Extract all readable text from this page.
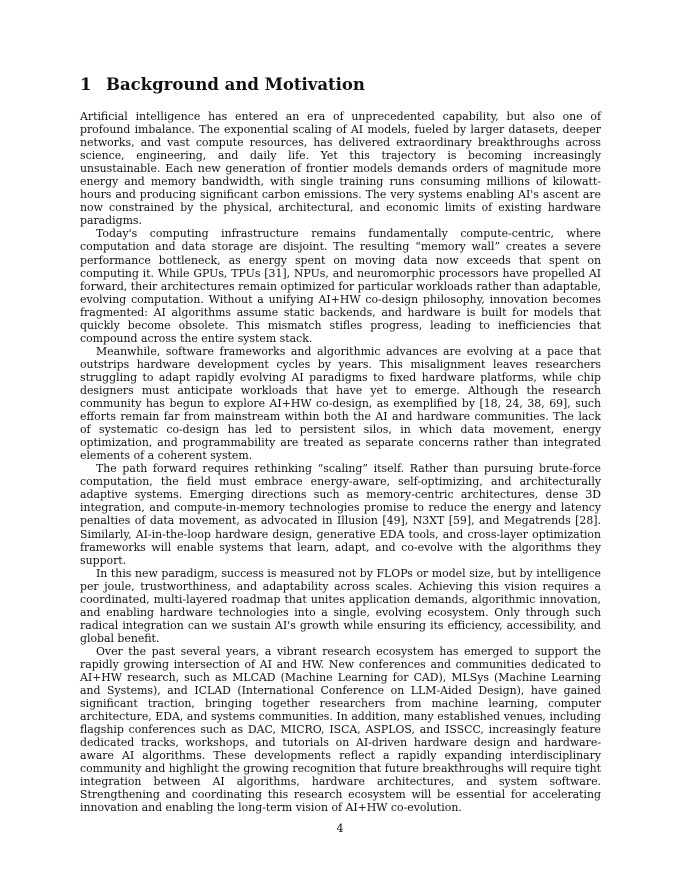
1 Background and Motivation

Artificial intelligence has entered an era of unprecedented capability, but also one of profound imbalance. The exponential scaling of AI models, fueled by larger datasets, deeper networks, and vast compute resources, has delivered extraordinary breakthroughs across science, engineering, and daily life. Yet this trajectory is becoming increasingly unsustainable. Each new generation of frontier models demands orders of magnitude more energy and memory bandwidth, with single training runs consuming millions of kilowatt-hours and producing significant carbon emissions. The very systems enabling AI's ascent are now constrained by the physical, architectural, and economic limits of existing hardware paradigms.

Today's computing infrastructure remains fundamentally compute-centric, where computation and data storage are disjoint. The resulting “memory wall” creates a severe performance bottleneck, as energy spent on moving data now exceeds that spent on computing it. While GPUs, TPUs [31], NPUs, and neuromorphic processors have propelled AI forward, their architectures remain optimized for particular workloads rather than adaptable, evolving computation. Without a unifying AI+HW co-design philosophy, innovation becomes fragmented: AI algorithms assume static backends, and hardware is built for models that quickly become obsolete. This mismatch stifles progress, leading to inefficiencies that compound across the entire system stack.

Meanwhile, software frameworks and algorithmic advances are evolving at a pace that outstrips hardware development cycles by years. This misalignment leaves researchers struggling to adapt rapidly evolving AI paradigms to fixed hardware platforms, while chip designers must anticipate workloads that have yet to emerge. Although the research community has begun to explore AI+HW co-design, as exemplified by [18, 24, 38, 69], such efforts remain far from mainstream within both the AI and hardware communities. The lack of systematic co-design has led to persistent silos, in which data movement, energy optimization, and programmability are treated as separate concerns rather than integrated elements of a coherent system.

The path forward requires rethinking “scaling” itself. Rather than pursuing brute-force computation, the field must embrace energy-aware, self-optimizing, and architecturally adaptive systems. Emerging directions such as memory-centric architectures, dense 3D integration, and compute-in-memory technologies promise to reduce the energy and latency penalties of data movement, as advocated in Illusion [49], N3XT [59], and Megatrends [28]. Similarly, AI-in-the-loop hardware design, generative EDA tools, and cross-layer optimization frameworks will enable systems that learn, adapt, and co-evolve with the algorithms they support.

In this new paradigm, success is measured not by FLOPs or model size, but by intelligence per joule, trustworthiness, and adaptability across scales. Achieving this vision requires a coordinated, multi-layered roadmap that unites application demands, algorithmic innovation, and enabling hardware technologies into a single, evolving ecosystem. Only through such radical integration can we sustain AI's growth while ensuring its efficiency, accessibility, and global benefit.

Over the past several years, a vibrant research ecosystem has emerged to support the rapidly growing intersection of AI and HW. New conferences and communities dedicated to AI+HW research, such as MLCAD (Machine Learning for CAD), MLSys (Machine Learning and Systems), and ICLAD (International Conference on LLM-Aided Design), have gained significant traction, bringing together researchers from machine learning, computer architecture, EDA, and systems communities. In addition, many established venues, including flagship conferences such as DAC, MICRO, ISCA, ASPLOS, and ISSCC, increasingly feature dedicated tracks, workshops, and tutorials on AI-driven hardware design and hardware-aware AI algorithms. These developments reflect a rapidly expanding interdisciplinary community and highlight the growing recognition that future breakthroughs will require tight integration between AI algorithms, hardware architectures, and system software. Strengthening and coordinating this research ecosystem will be essential for accelerating innovation and enabling the long-term vision of AI+HW co-evolution.

4
